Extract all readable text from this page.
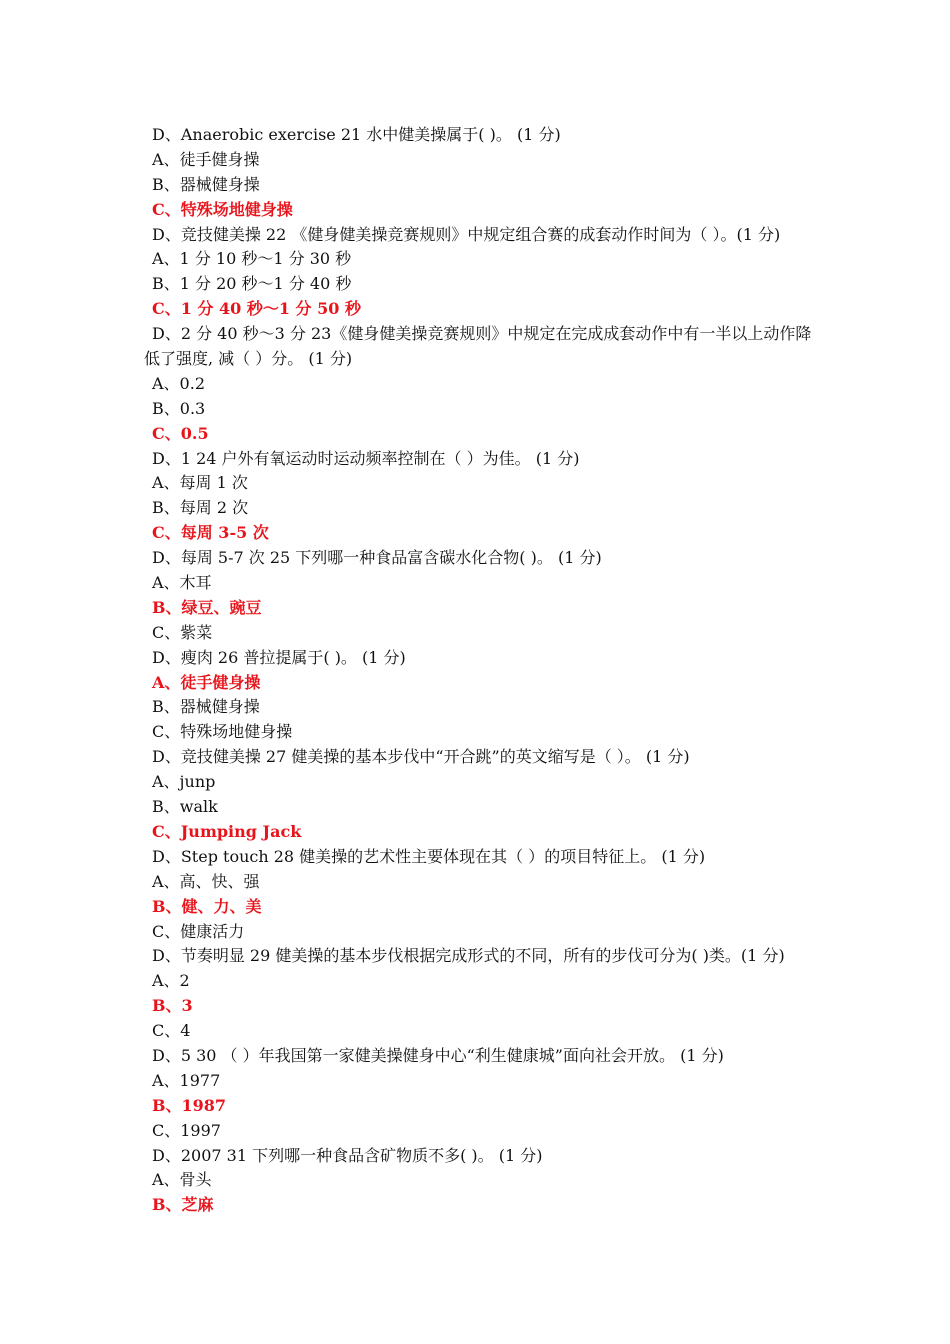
D、Anaerobic exercise 21 水中健美操属于( )。 (1 分)
A、徒手健身操
B、器械健身操
C、特殊场地健身操
D、竞技健美操 22 《健身健美操竞赛规则》中规定组合赛的成套动作时间为（ ）。(1 分)
A、1 分 10 秒～1 分 30 秒
B、1 分 20 秒～1 分 40 秒
C、1 分 40 秒～1 分 50 秒
D、2 分 40 秒～3 分 23《健身健美操竞赛规则》中规定在完成成套动作中有一半以上动作降
低了强度, 减（ ）分。 (1 分)
A、0.2
B、0.3
C、0.5
D、1 24 户外有氧运动时运动频率控制在（ ）为佳。 (1 分)
A、每周 1 次
B、每周 2 次
C、每周 3-5 次
D、每周 5-7 次 25 下列哪一种食品富含碳水化合物( )。 (1 分)
A、木耳
B、绿豆、豌豆
C、紫菜
D、瘦肉 26 普拉提属于( )。 (1 分)
A、徒手健身操
B、器械健身操
C、特殊场地健身操
D、竞技健美操 27 健美操的基本步伐中“开合跳”的英文缩写是（ ）。 (1 分)
A、junp
B、walk
C、Jumping Jack
D、Step touch 28 健美操的艺术性主要体现在其（ ）的项目特征上。 (1 分)
A、高、快、强
B、健、力、美
C、健康活力
D、节奏明显 29 健美操的基本步伐根据完成形式的不同，所有的步伐可分为( )类。(1 分)
A、2
B、3
C、4
D、5 30 （ ）年我国第一家健美操健身中心“利生健康城”面向社会开放。 (1 分)
A、1977
B、1987
C、1997
D、2007 31 下列哪一种食品含矿物质不多( )。 (1 分)
A、骨头
B、芝麻
